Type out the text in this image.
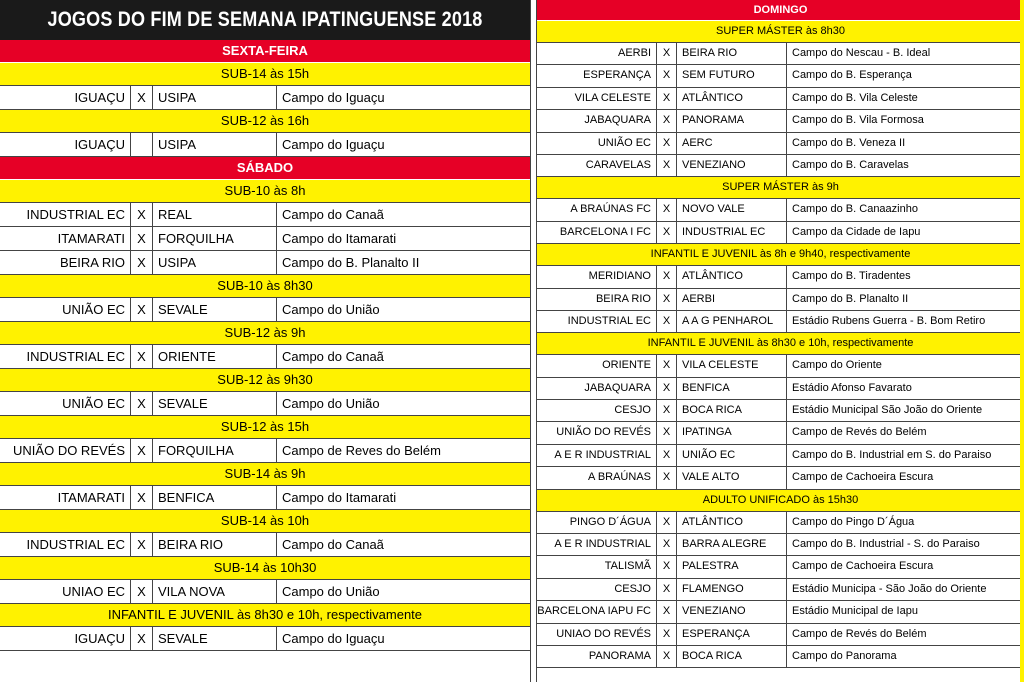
JOGOS DO FIM DE SEMANA IPATINGUENSE 2018
SEXTA-FEIRA
SUB-14 às 15h
IGUAÇU X USIPA	Campo do Iguaçu
SUB-12 às 16h
IGUAÇU	USIPA	Campo do Iguaçu
SÁBADO
SUB-10 às 8h
INDUSTRIAL EC X REAL	Campo do Canaã
ITAMARATI X FORQUILHA	Campo do Itamarati
BEIRA RIO X USIPA	Campo do B. Planalto II
SUB-10 às 8h30
UNIÃO EC X SEVALE	Campo do União
SUB-12 às 9h
INDUSTRIAL EC X ORIENTE	Campo do Canaã
SUB-12 às 9h30
UNIÃO EC X SEVALE	Campo do União
SUB-12 às 15h
UNIÃO DO REVÉS X FORQUILHA	Campo de Reves do Belém
SUB-14 às 9h
ITAMARATI X BENFICA	Campo do Itamarati
SUB-14 às 10h
INDUSTRIAL EC X BEIRA RIO	Campo do Canaã
SUB-14 às 10h30
UNIAO EC X VILA NOVA	Campo do União
INFANTIL E JUVENIL às 8h30 e 10h, respectivamente
IGUAÇU X SEVALE	Campo do Iguaçu
DOMINGO
SUPER MÁSTER às 8h30
AERBI	X	BEIRA RIO	Campo do Nescau - B. Ideal
ESPERANÇA	X	SEM FUTURO	Campo do B. Esperança
VILA CELESTE	X	ATLÂNTICO	Campo do B. Vila Celeste
JABAQUARA	X	PANORAMA	Campo do B. Vila Formosa
UNIÃO EC	X	AERC	Campo do B. Veneza II
CARAVELAS	X	VENEZIANO	Campo do B. Caravelas
SUPER MÁSTER às 9h
A BRAÚNAS FC	X	NOVO VALE	Campo do B. Canaazinho
BARCELONA I FC	X	INDUSTRIAL EC	Campo da Cidade de Iapu
INFANTIL E JUVENIL às 8h e 9h40, respectivamente
MERIDIANO	X	ATLÂNTICO	Campo do B. Tiradentes
BEIRA RIO	X	AERBI	Campo do B. Planalto II
INDUSTRIAL EC	X	A A G PENHAROL	Estádio Rubens Guerra - B. Bom Retiro
INFANTIL E JUVENIL às 8h30 e 10h, respectivamente
ORIENTE	X	VILA CELESTE	Campo do Oriente
JABAQUARA	X	BENFICA	Estádio Afonso Favarato
CESJO	X	BOCA RICA	Estádio Municipal São João do Oriente
UNIÃO DO REVÉS	X	IPATINGA	Campo de Revés do Belém
A E R INDUSTRIAL	X	UNIÃO EC	Campo do B. Industrial em S. do Paraiso
A BRAÚNAS	X	VALE ALTO	Campo de Cachoeira Escura
ADULTO UNIFICADO às 15h30
PINGO D´ÁGUA	X	ATLÂNTICO	Campo do Pingo D´Água
A E R INDUSTRIAL	X	BARRA ALEGRE	Campo do B. Industrial - S. do Paraiso
TALISMÃ	X	PALESTRA	Campo de Cachoeira Escura
CESJO	X	FLAMENGO	Estádio Municipa - São João do Oriente
BARCELONA IAPU FC	X	VENEZIANO	Estádio Municipal de Iapu
UNIAO DO REVÉS	X	ESPERANÇA	Campo de Revés do Belém
PANORAMA	X	BOCA RICA	Campo do Panorama
